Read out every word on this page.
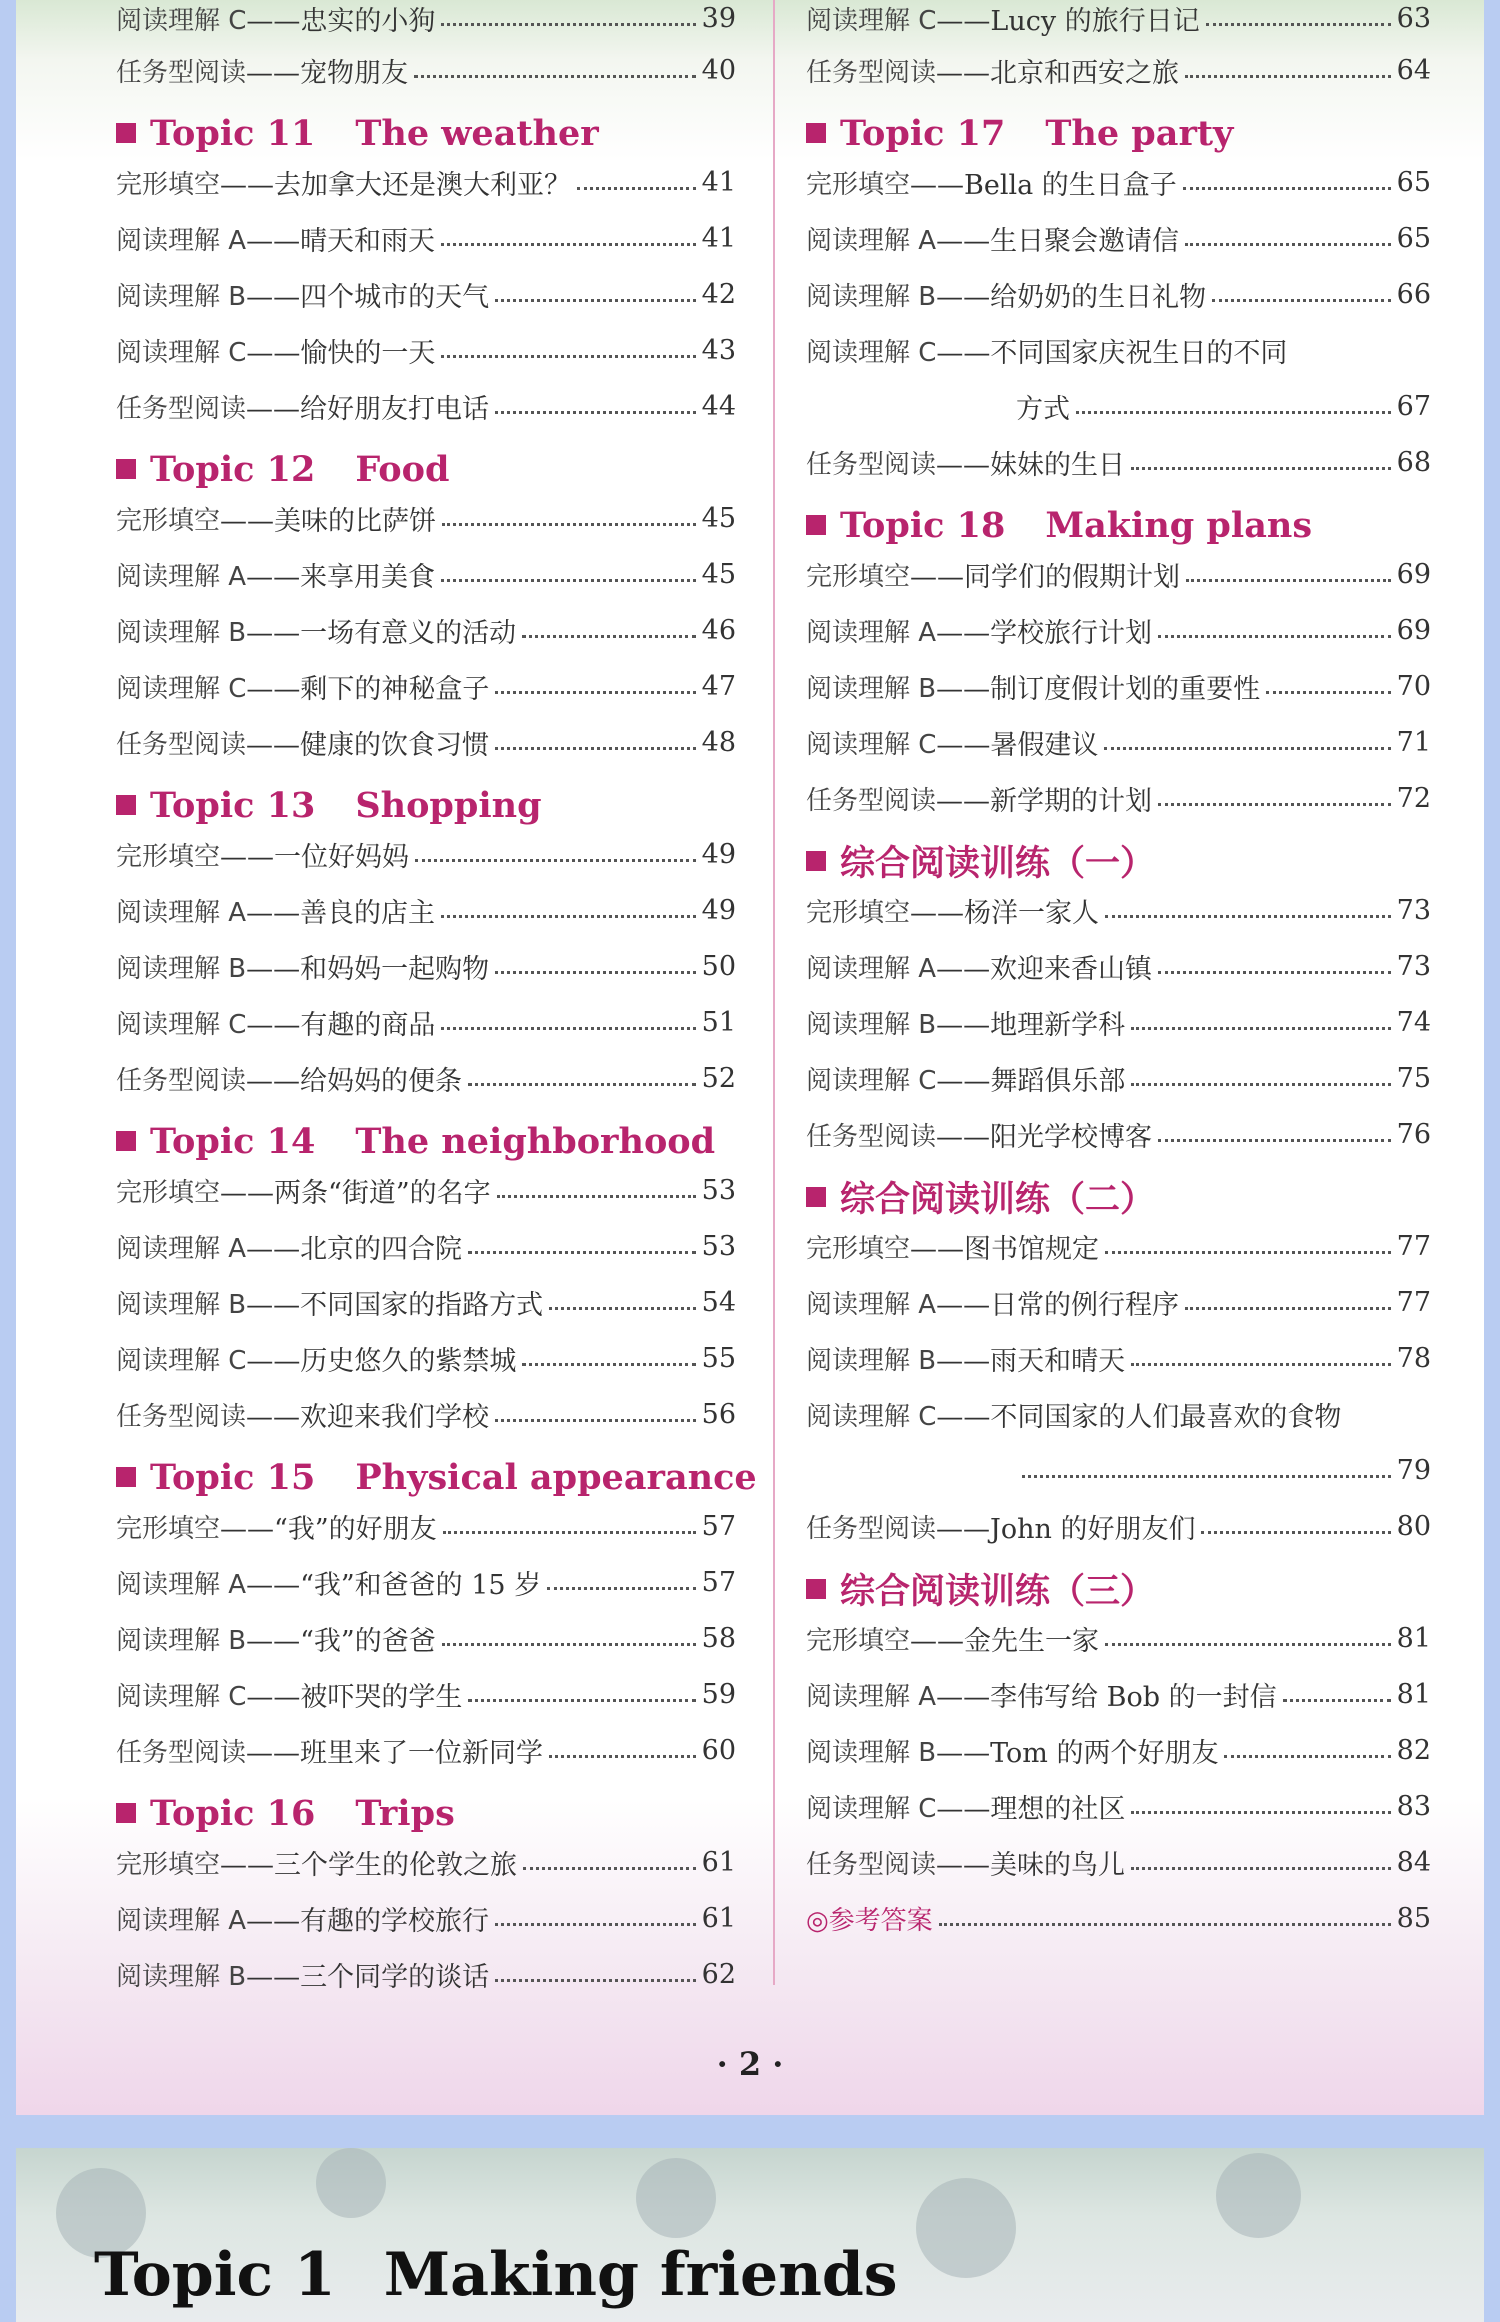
阅读理解 C ——忠实的小狗	39
任务型阅读 ——宠物朋友	40
Topic 11 The weather
完形填空 ——去加拿大还是澳大利亚？	41
阅读理解 A ——晴天和雨天	41
阅读理解 B ——四个城市的天气	42
阅读理解 C ——愉快的一天	43
任务型阅读 ——给好朋友打电话	44
Topic 12 Food
完形填空 ——美味的比萨饼	45
阅读理解 A ——来享用美食	45
阅读理解 B ——一场有意义的活动	46
阅读理解 C ——剩下的神秘盒子	47
任务型阅读 ——健康的饮食习惯	48
Topic 13 Shopping
完形填空 ——一位好妈妈	49
阅读理解 A ——善良的店主	49
阅读理解 B ——和妈妈一起购物	50
阅读理解 C ——有趣的商品	51
任务型阅读 ——给妈妈的便条	52
Topic 14 The neighborhood
完形填空 ——两条“街道”的名字	53
阅读理解 A ——北京的四合院	53
阅读理解 B ——不同国家的指路方式	54
阅读理解 C ——历史悠久的紫禁城	55
任务型阅读 ——欢迎来我们学校	56
Topic 15 Physical appearance
完形填空 ——“我”的好朋友	57
阅读理解 A ——“我”和爸爸的 15 岁	57
阅读理解 B ——“我”的爸爸	58
阅读理解 C ——被吓哭的学生	59
任务型阅读 ——班里来了一位新同学	60
Topic 16 Trips
完形填空 ——三个学生的伦敦之旅	61
阅读理解 A ——有趣的学校旅行	61
阅读理解 B ——三个同学的谈话	62
阅读理解 C ——Lucy 的旅行日记	63
任务型阅读 ——北京和西安之旅	64
Topic 17 The party
完形填空 ——Bella 的生日盒子	65
阅读理解 A ——生日聚会邀请信	65
阅读理解 B ——给奶奶的生日礼物	66
阅读理解 C ——不同国家庆祝生日的不同
方式	67
任务型阅读 ——妹妹的生日	68
Topic 18 Making plans
完形填空 ——同学们的假期计划	69
阅读理解 A ——学校旅行计划	69
阅读理解 B ——制订度假计划的重要性	70
阅读理解 C ——暑假建议	71
任务型阅读 ——新学期的计划	72
综合阅读训练（一）
完形填空 ——杨洋一家人	73
阅读理解 A ——欢迎来香山镇	73
阅读理解 B ——地理新学科	74
阅读理解 C ——舞蹈俱乐部	75
任务型阅读 ——阳光学校博客	76
综合阅读训练（二）
完形填空 ——图书馆规定	77
阅读理解 A ——日常的例行程序	77
阅读理解 B ——雨天和晴天	78
阅读理解 C ——不同国家的人们最喜欢的食物
79
任务型阅读 ——John 的好朋友们	80
综合阅读训练（三）
完形填空 ——金先生一家	81
阅读理解 A ——李伟写给 Bob 的一封信	81
阅读理解 B ——Tom 的两个好朋友	82
阅读理解 C ——理想的社区	83
任务型阅读 ——美味的鸟儿	84
◎参考答案	85
· 2 ·
Topic 1 Making friends
